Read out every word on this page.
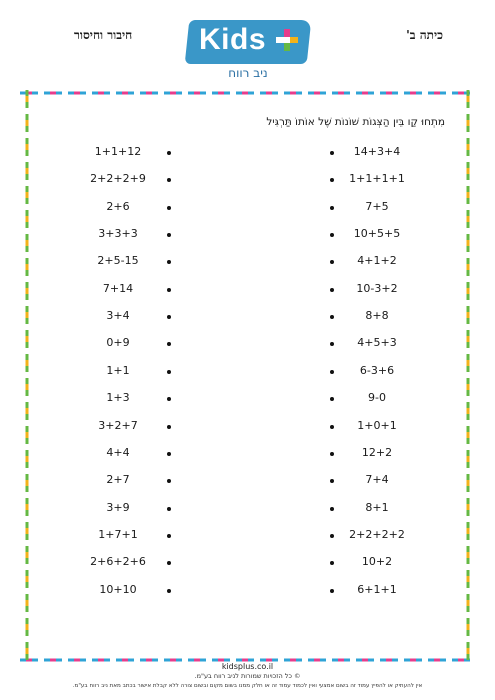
כיתה ב'
חיבור וחיסור Kids
ניב רווח
מִתְחוּ קַו בֵּין הַצְּגוֹת שׁוֹנוֹת שֶׁל אוֹתוֹ תַּרְגִּיל
14+3+4
1+1+1+1
7+5
10+5+5
4+1+2
10-3+2
8+8
4+5+3
6-3+6
9-0
1+0+1
12+2
7+4
8+1
2+2+2+2
10+2
6+1+1
1+1+12
2+2+2+9
2+6
3+3+3
2+5-15
7+14
3+4
0+9
1+1
1+3
3+2+7
4+4
2+7
3+9
1+7+1
2+6+2+6
10+10
kidsplus.co.il
© כל הזכויות שמורות לניב רווח בע"מ.
אין להעתיק או להפיץ עמוד זה בשום אמצעי ואין לכמוד עמוד זה או חלק ממנו בשום מקום ובשום צורה ללא קבלת אישור בכתב מאת ניב רווח בע"מ.
